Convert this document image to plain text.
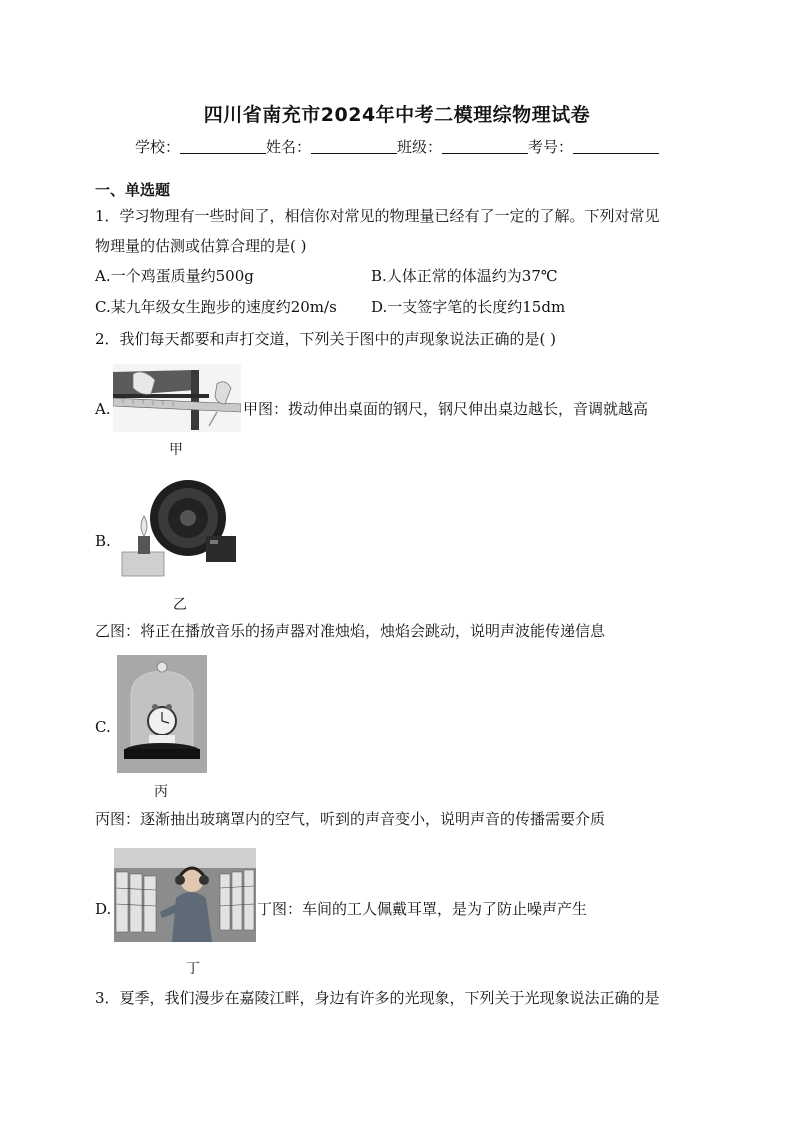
四川省南充市2024年中考二模理综物理试卷
学校：	姓名：	班级：	考号：
一、单选题
1．学习物理有一些时间了，相信你对常见的物理量已经有了一定的了解。下列对常见
物理量的估测或估算合理的是( )
A.一个鸡蛋质量约500g	B.人体正常的体温约为37℃
C.某九年级女生跑步的速度约20m/s D.一支签字笔的长度约15dm
2．我们每天都要和声打交道，下列关于图中的声现象说法正确的是( )
A.	甲图：拨动伸出桌面的钢尺，钢尺伸出桌边越长，音调就越高
甲
B.
乙
乙图：将正在播放音乐的扬声器对准烛焰，烛焰会跳动，说明声波能传递信息
C.
丙
丙图：逐渐抽出玻璃罩内的空气，听到的声音变小，说明声音的传播需要介质
D.	丁图：车间的工人佩戴耳罩，是为了防止噪声产生
丁
3．夏季，我们漫步在嘉陵江畔，身边有许多的光现象，下列关于光现象说法正确的是
